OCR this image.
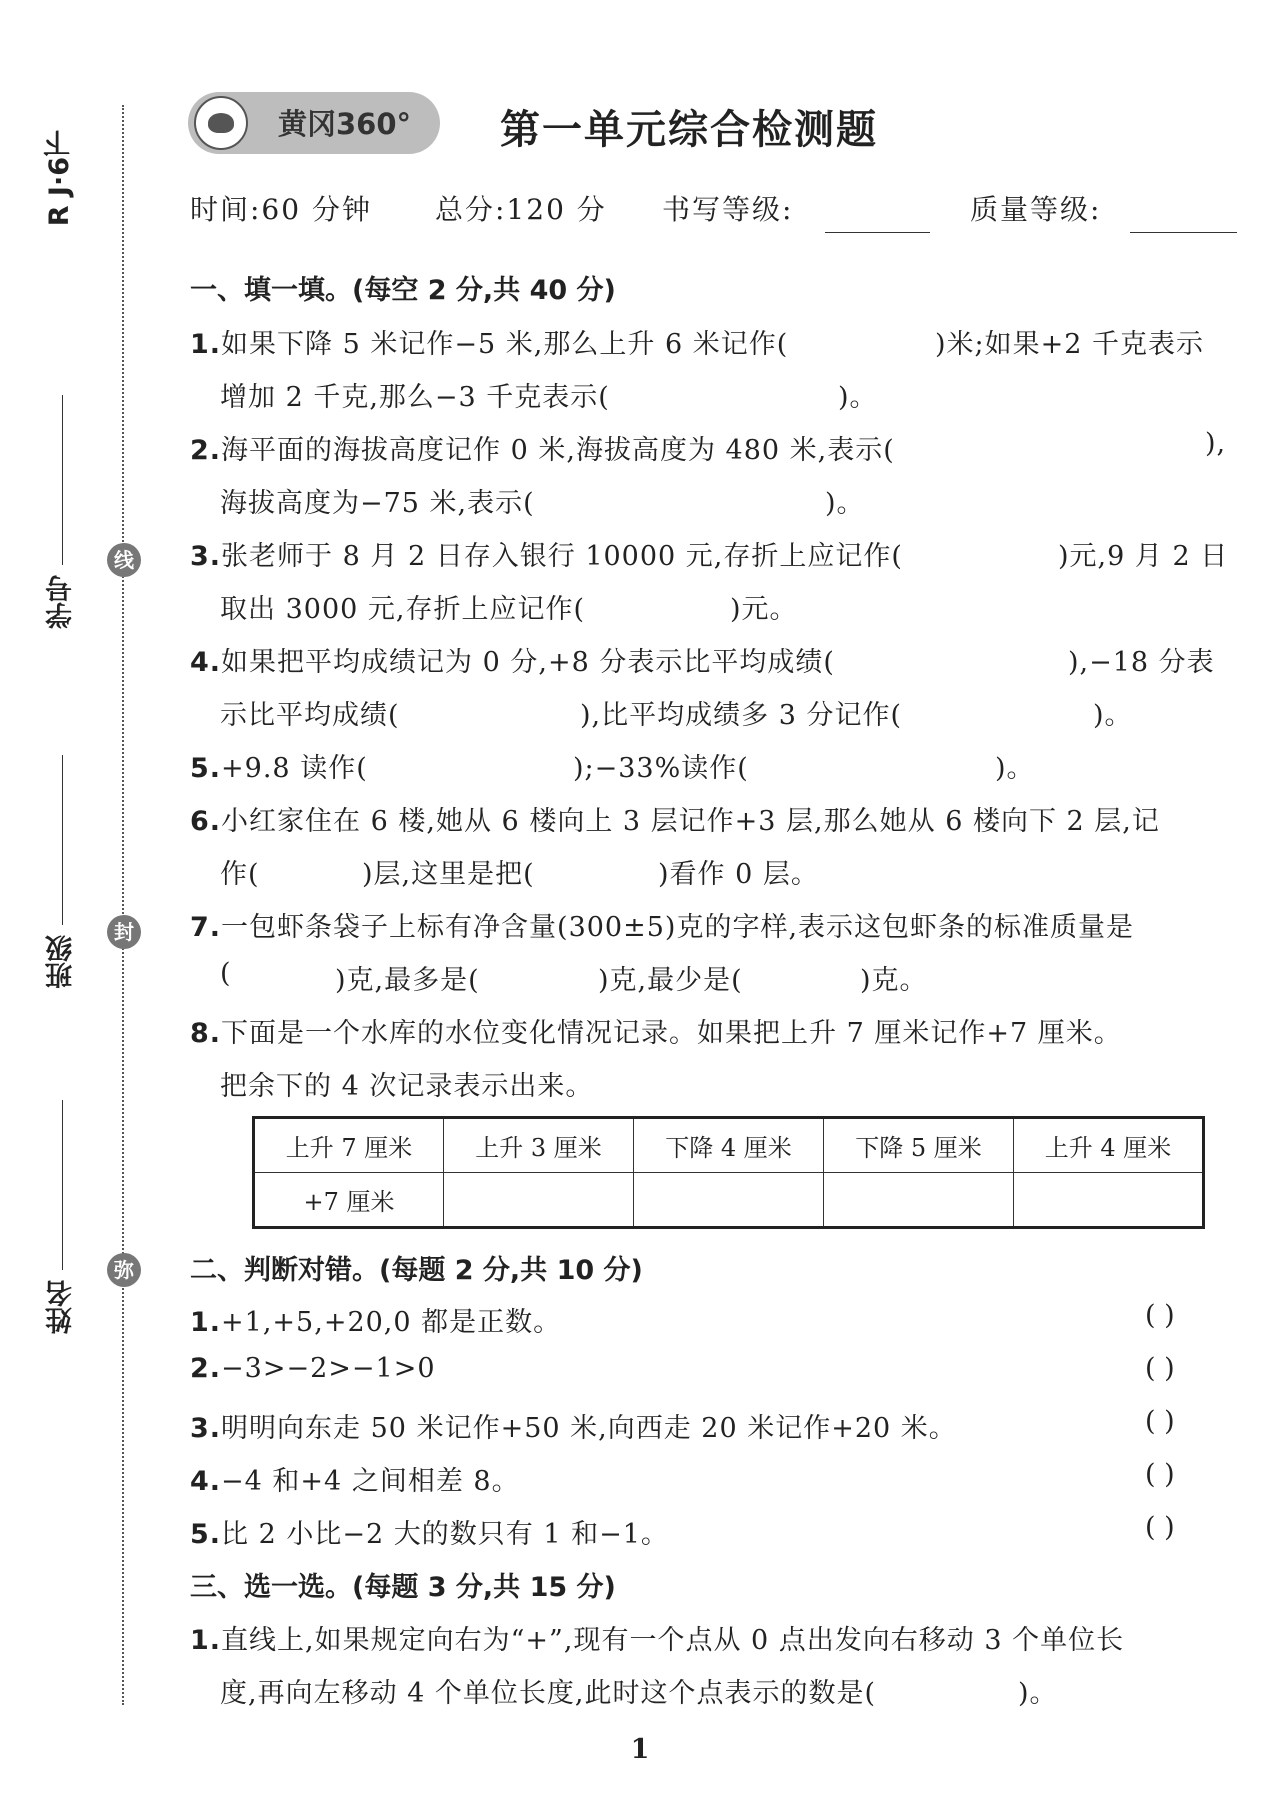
R J·6下
学号
班级
姓名
线
封
弥
黄冈360° 第一单元综合检测题
时间:60 分钟 总分:120 分 书写等级:	质量等级:
一、填一填。(每空 2 分,共 40 分)
1.如果下降 5 米记作−5 米,那么上升 6 米记作(	)米;如果+2 千克表示
增加 2 千克,那么−3 千克表示(	)。
2.海平面的海拔高度记作 0 米,海拔高度为 480 米,表示(	),
海拔高度为−75 米,表示(	)。
3.张老师于 8 月 2 日存入银行 10000 元,存折上应记作(	)元,9 月 2 日
取出 3000 元,存折上应记作(	)元。
4.如果把平均成绩记为 0 分,+8 分表示比平均成绩(	),−18 分表
示比平均成绩(	),比平均成绩多 3 分记作(	)。
5.+9.8 读作(	);−33%读作(	)。
6.小红家住在 6 楼,她从 6 楼向上 3 层记作+3 层,那么她从 6 楼向下 2 层,记
作(	)层,这里是把(	)看作 0 层。
7.一包虾条袋子上标有净含量(300±5)克的字样,表示这包虾条的标准质量是
(	)克,最多是(	)克,最少是(	)克。
8.下面是一个水库的水位变化情况记录。如果把上升 7 厘米记作+7 厘米。
把余下的 4 次记录表示出来。
上升 7 厘米	上升 3 厘米	下降 4 厘米	下降 5 厘米	上升 4 厘米
+7 厘米				
二、判断对错。(每题 2 分,共 10 分)
1.+1,+5,+20,0 都是正数。	( )
2.−3>−2>−1>0	( )
3.明明向东走 50 米记作+50 米,向西走 20 米记作+20 米。	( )
4.−4 和+4 之间相差 8。	( )
5.比 2 小比−2 大的数只有 1 和−1。	( )
三、选一选。(每题 3 分,共 15 分)
1.直线上,如果规定向右为“+”,现有一个点从 0 点出发向右移动 3 个单位长
度,再向左移动 4 个单位长度,此时这个点表示的数是(	)。
1
